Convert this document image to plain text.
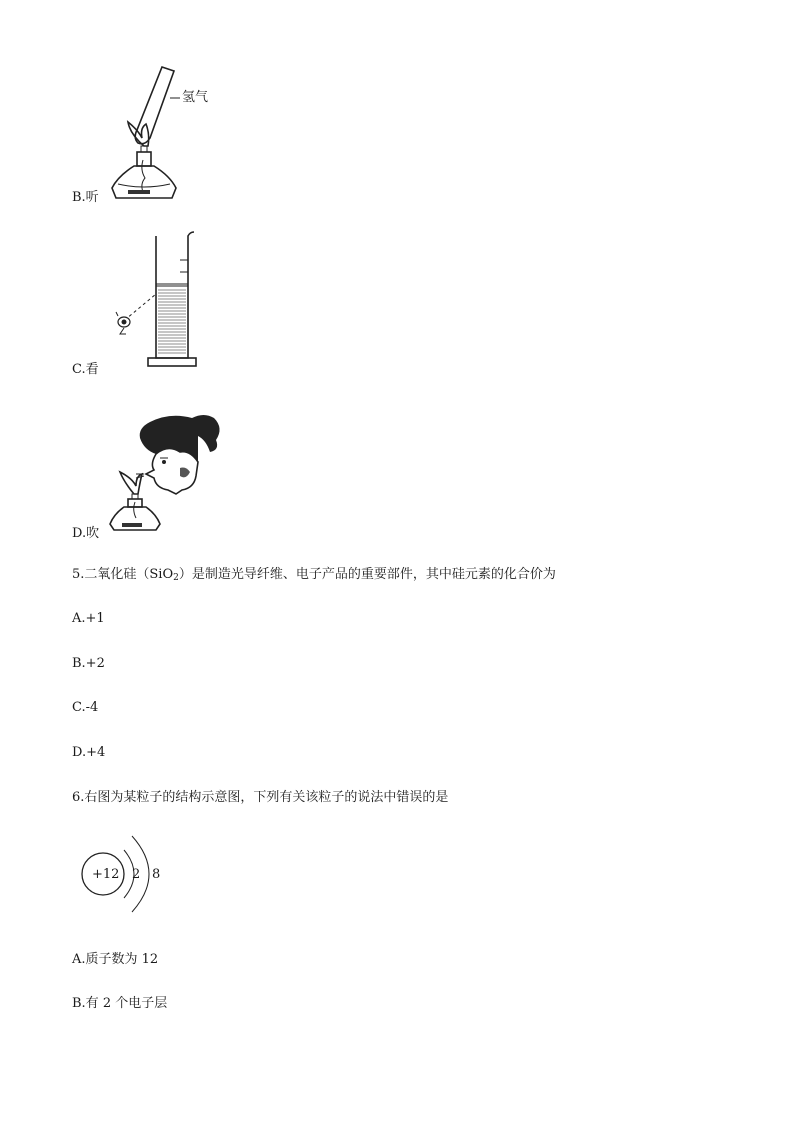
氢气
B.听
C.看
D.吹
5.二氧化硅（SiO$_2$）是制造光导纤维、电子产品的重要部件，其中硅元素的化合价为
A.+1
B.+2
C.-4
D.+4
6.右图为某粒子的结构示意图，下列有关该粒子的说法中错误的是
+12 2 8
A.质子数为 12
B.有 2 个电子层
